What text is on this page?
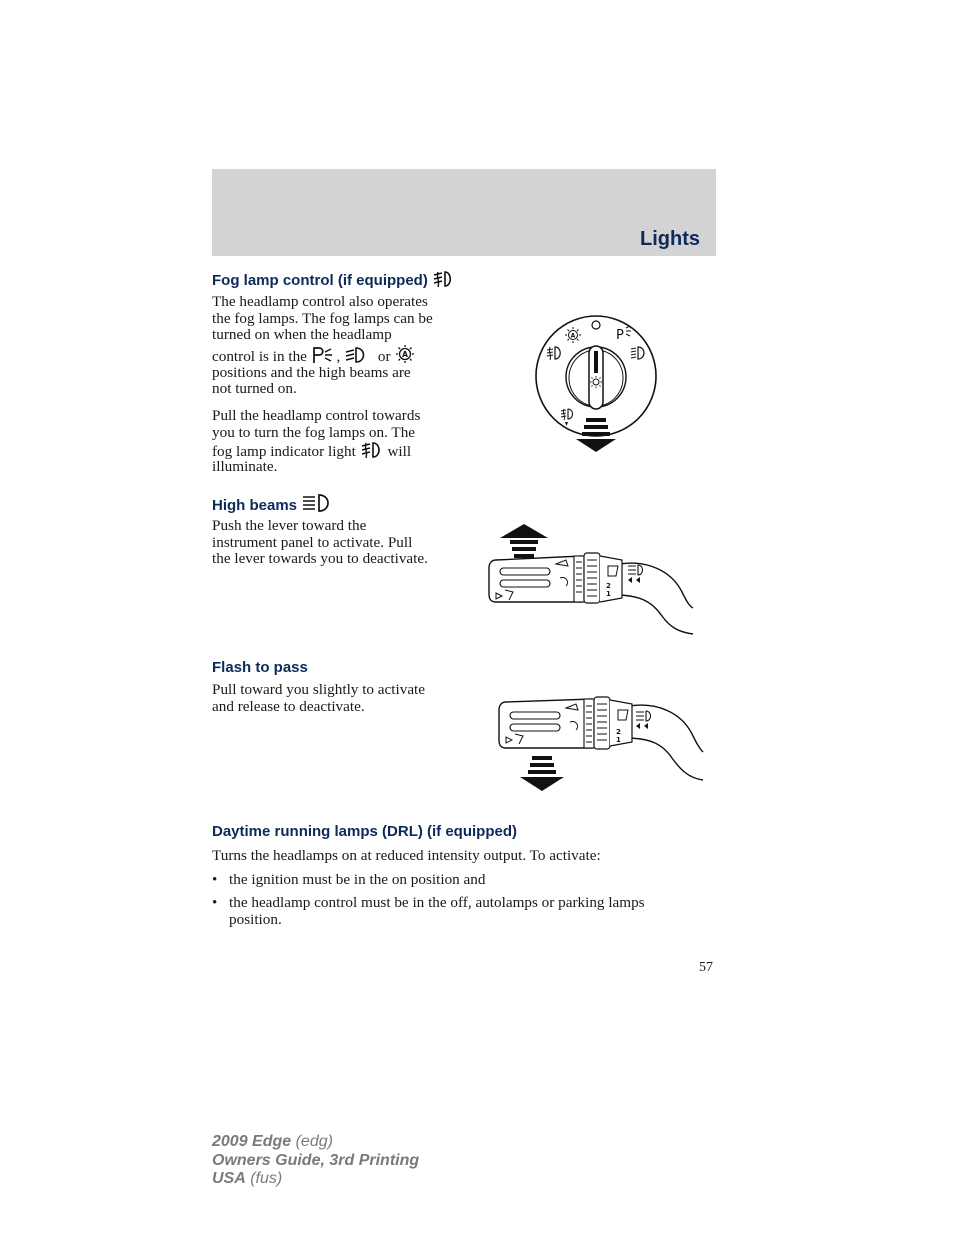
Lights
Fog lamp control (if equipped)
The headlamp control also operates
the fog lamps. The fog lamps can be
turned on when the headlamp
control is in the , or A
positions and the high beams are
not turned on.
Pull the headlamp control towards
you to turn the fog lamps on. The
fog lamp indicator light will
illuminate.
A	P
High beams
Push the lever toward the
instrument panel to activate. Pull
the lever towards you to deactivate.
2
1
Flash to pass
Pull toward you slightly to activate
and release to deactivate.
2
1
Daytime running lamps (DRL) (if equipped)
Turns the headlamps on at reduced intensity output. To activate:
• the ignition must be in the on position and
• the headlamp control must be in the off, autolamps or parking lamps
position.
57
2009 Edge (edg)
Owners Guide, 3rd Printing
USA (fus)
